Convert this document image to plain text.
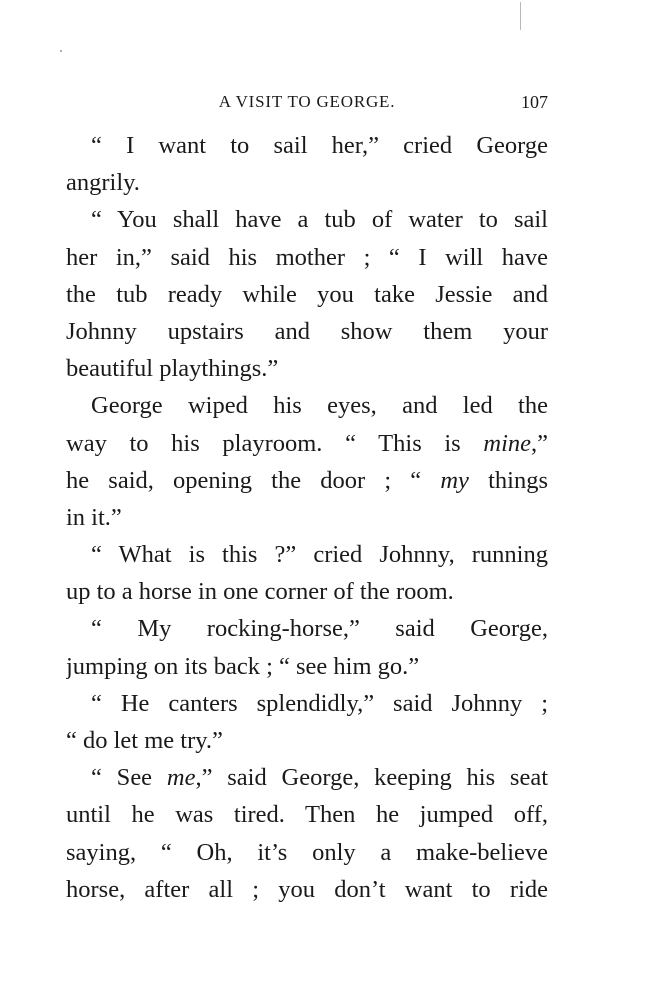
A VISIT TO GEORGE.	107
“ I want to sail her,” cried George
angrily.
“ You shall have a tub of water to sail
her in,” said his mother ; “ I will have
the tub ready while you take Jessie and
Johnny upstairs and show them your
beautiful playthings.”
George wiped his eyes, and led the
way to his playroom. “ This is mine,”
he said, opening the door ; “ my things
in it.”
“ What is this ?” cried Johnny, running
up to a horse in one corner of the room.
“ My rocking-horse,” said George,
jumping on its back ; “ see him go.”
“ He canters splendidly,” said Johnny ;
“ do let me try.”
“ See me,” said George, keeping his seat
until he was tired. Then he jumped off,
saying, “ Oh, it’s only a make-believe
horse, after all ; you don’t want to ride
